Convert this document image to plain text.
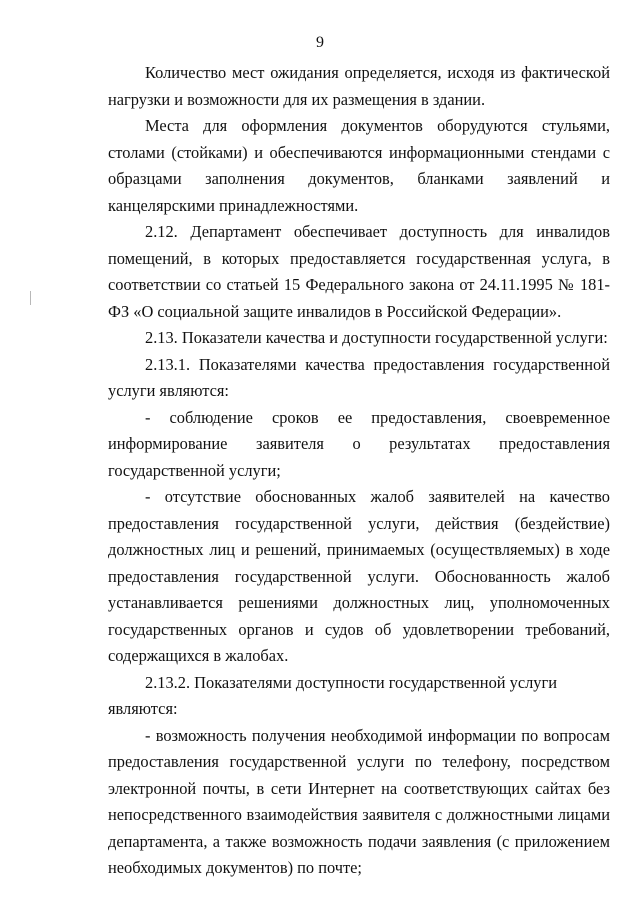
9

Количество мест ожидания определяется, исходя из фактической нагрузки и возможности для их размещения в здании.

Места для оформления документов оборудуются стульями, столами (стойками) и обеспечиваются информационными стендами с образцами заполнения документов, бланками заявлений и канцелярскими принадлежностями.

2.12. Департамент обеспечивает доступность для инвалидов помещений, в которых предоставляется государственная услуга, в соответствии со статьей 15 Федерального закона от 24.11.1995 № 181-ФЗ «О социальной защите инвалидов в Российской Федерации».

2.13. Показатели качества и доступности государственной услуги:

2.13.1. Показателями качества предоставления государственной услуги являются:

- соблюдение сроков ее предоставления, своевременное информирование заявителя о результатах предоставления государственной услуги;

- отсутствие обоснованных жалоб заявителей на качество предоставления государственной услуги, действия (бездействие) должностных лиц и решений, принимаемых (осуществляемых) в ходе предоставления государственной услуги. Обоснованность жалоб устанавливается решениями должностных лиц, уполномоченных государственных органов и судов об удовлетворении требований, содержащихся в жалобах.

2.13.2. Показателями доступности государственной услуги являются:

- возможность получения необходимой информации по вопросам предоставления государственной услуги по телефону, посредством электронной почты, в сети Интернет на соответствующих сайтах без непосредственного взаимодействия заявителя с должностными лицами департамента, а также возможность подачи заявления (с приложением необходимых документов) по почте;
